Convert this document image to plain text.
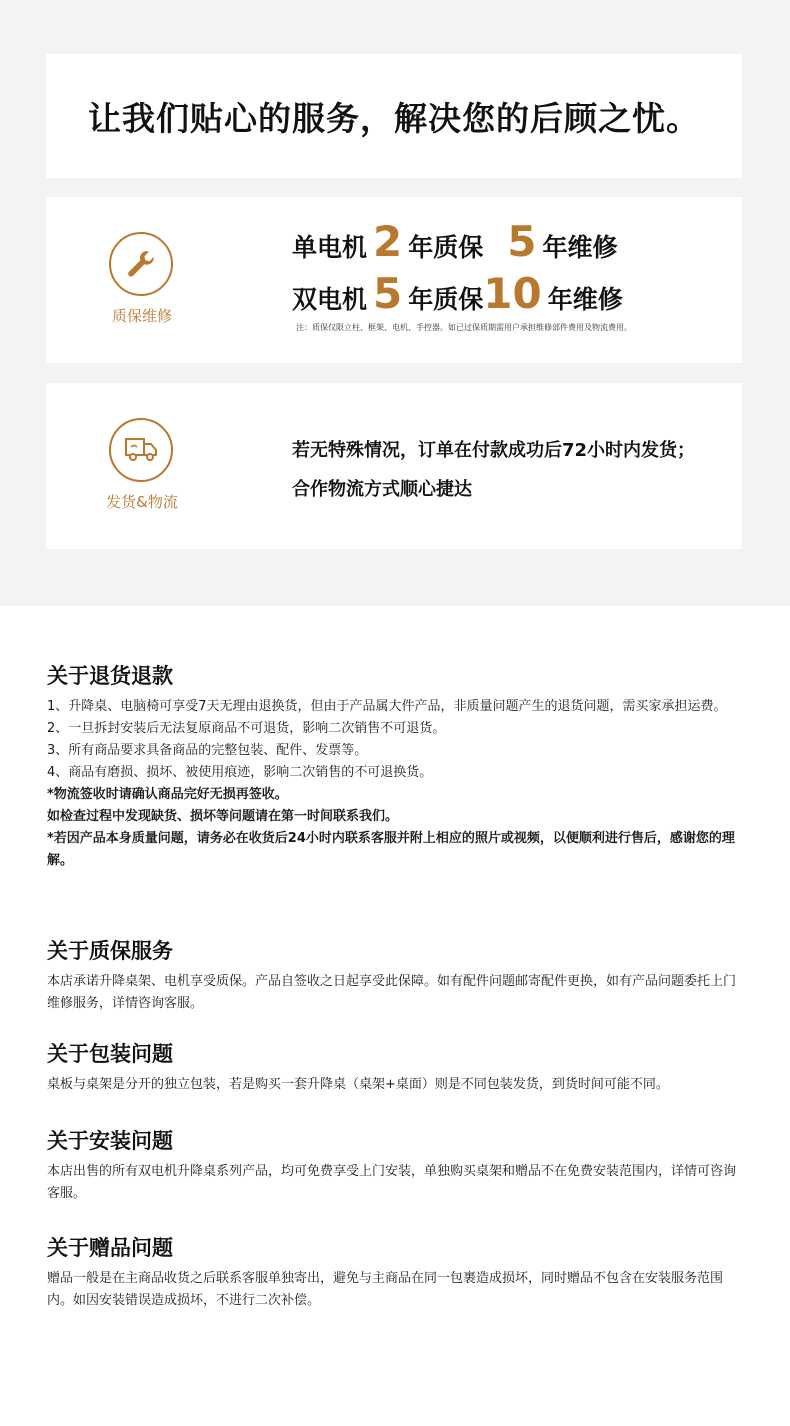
让我们贴心的服务，解决您的后顾之忧。
质保维修
单电机 2 年质保 5 年维修
双电机 5 年质保 10 年维修
注：质保仅限立柱、框架、电机、手控器。如已过保质期需用户承担维修部件费用及物流费用。
发货&物流
若无特殊情况，订单在付款成功后72小时内发货；
合作物流方式顺心捷达
关于退货退款

1、升降桌、电脑椅可享受7天无理由退换货，但由于产品属大件产品，非质量问题产生的退货问题，需买家承担运费。

2、一旦拆封安装后无法复原商品不可退货，影响二次销售不可退货。

3、所有商品要求具备商品的完整包装、配件、发票等。

4、商品有磨损、损坏、被使用痕迹，影响二次销售的不可退换货。

*物流签收时请确认商品完好无损再签收。

如检查过程中发现缺货、损坏等问题请在第一时间联系我们。

*若因产品本身质量问题，请务必在收货后24小时内联系客服并附上相应的照片或视频，以便顺利进行售后，感谢您的理解。

关于质保服务

本店承诺升降桌架、电机享受质保。产品自签收之日起享受此保障。如有配件问题邮寄配件更换，如有产品问题委托上门维修服务，详情咨询客服。

关于包装问题

桌板与桌架是分开的独立包装，若是购买一套升降桌（桌架+桌面）则是不同包装发货，到货时间可能不同。

关于安装问题

本店出售的所有双电机升降桌系列产品，均可免费享受上门安装，单独购买桌架和赠品不在免费安装范围内，详情可咨询客服。

关于赠品问题

赠品一般是在主商品收货之后联系客服单独寄出，避免与主商品在同一包裹造成损坏，同时赠品不包含在安装服务范围内。如因安装错误造成损坏，不进行二次补偿。
